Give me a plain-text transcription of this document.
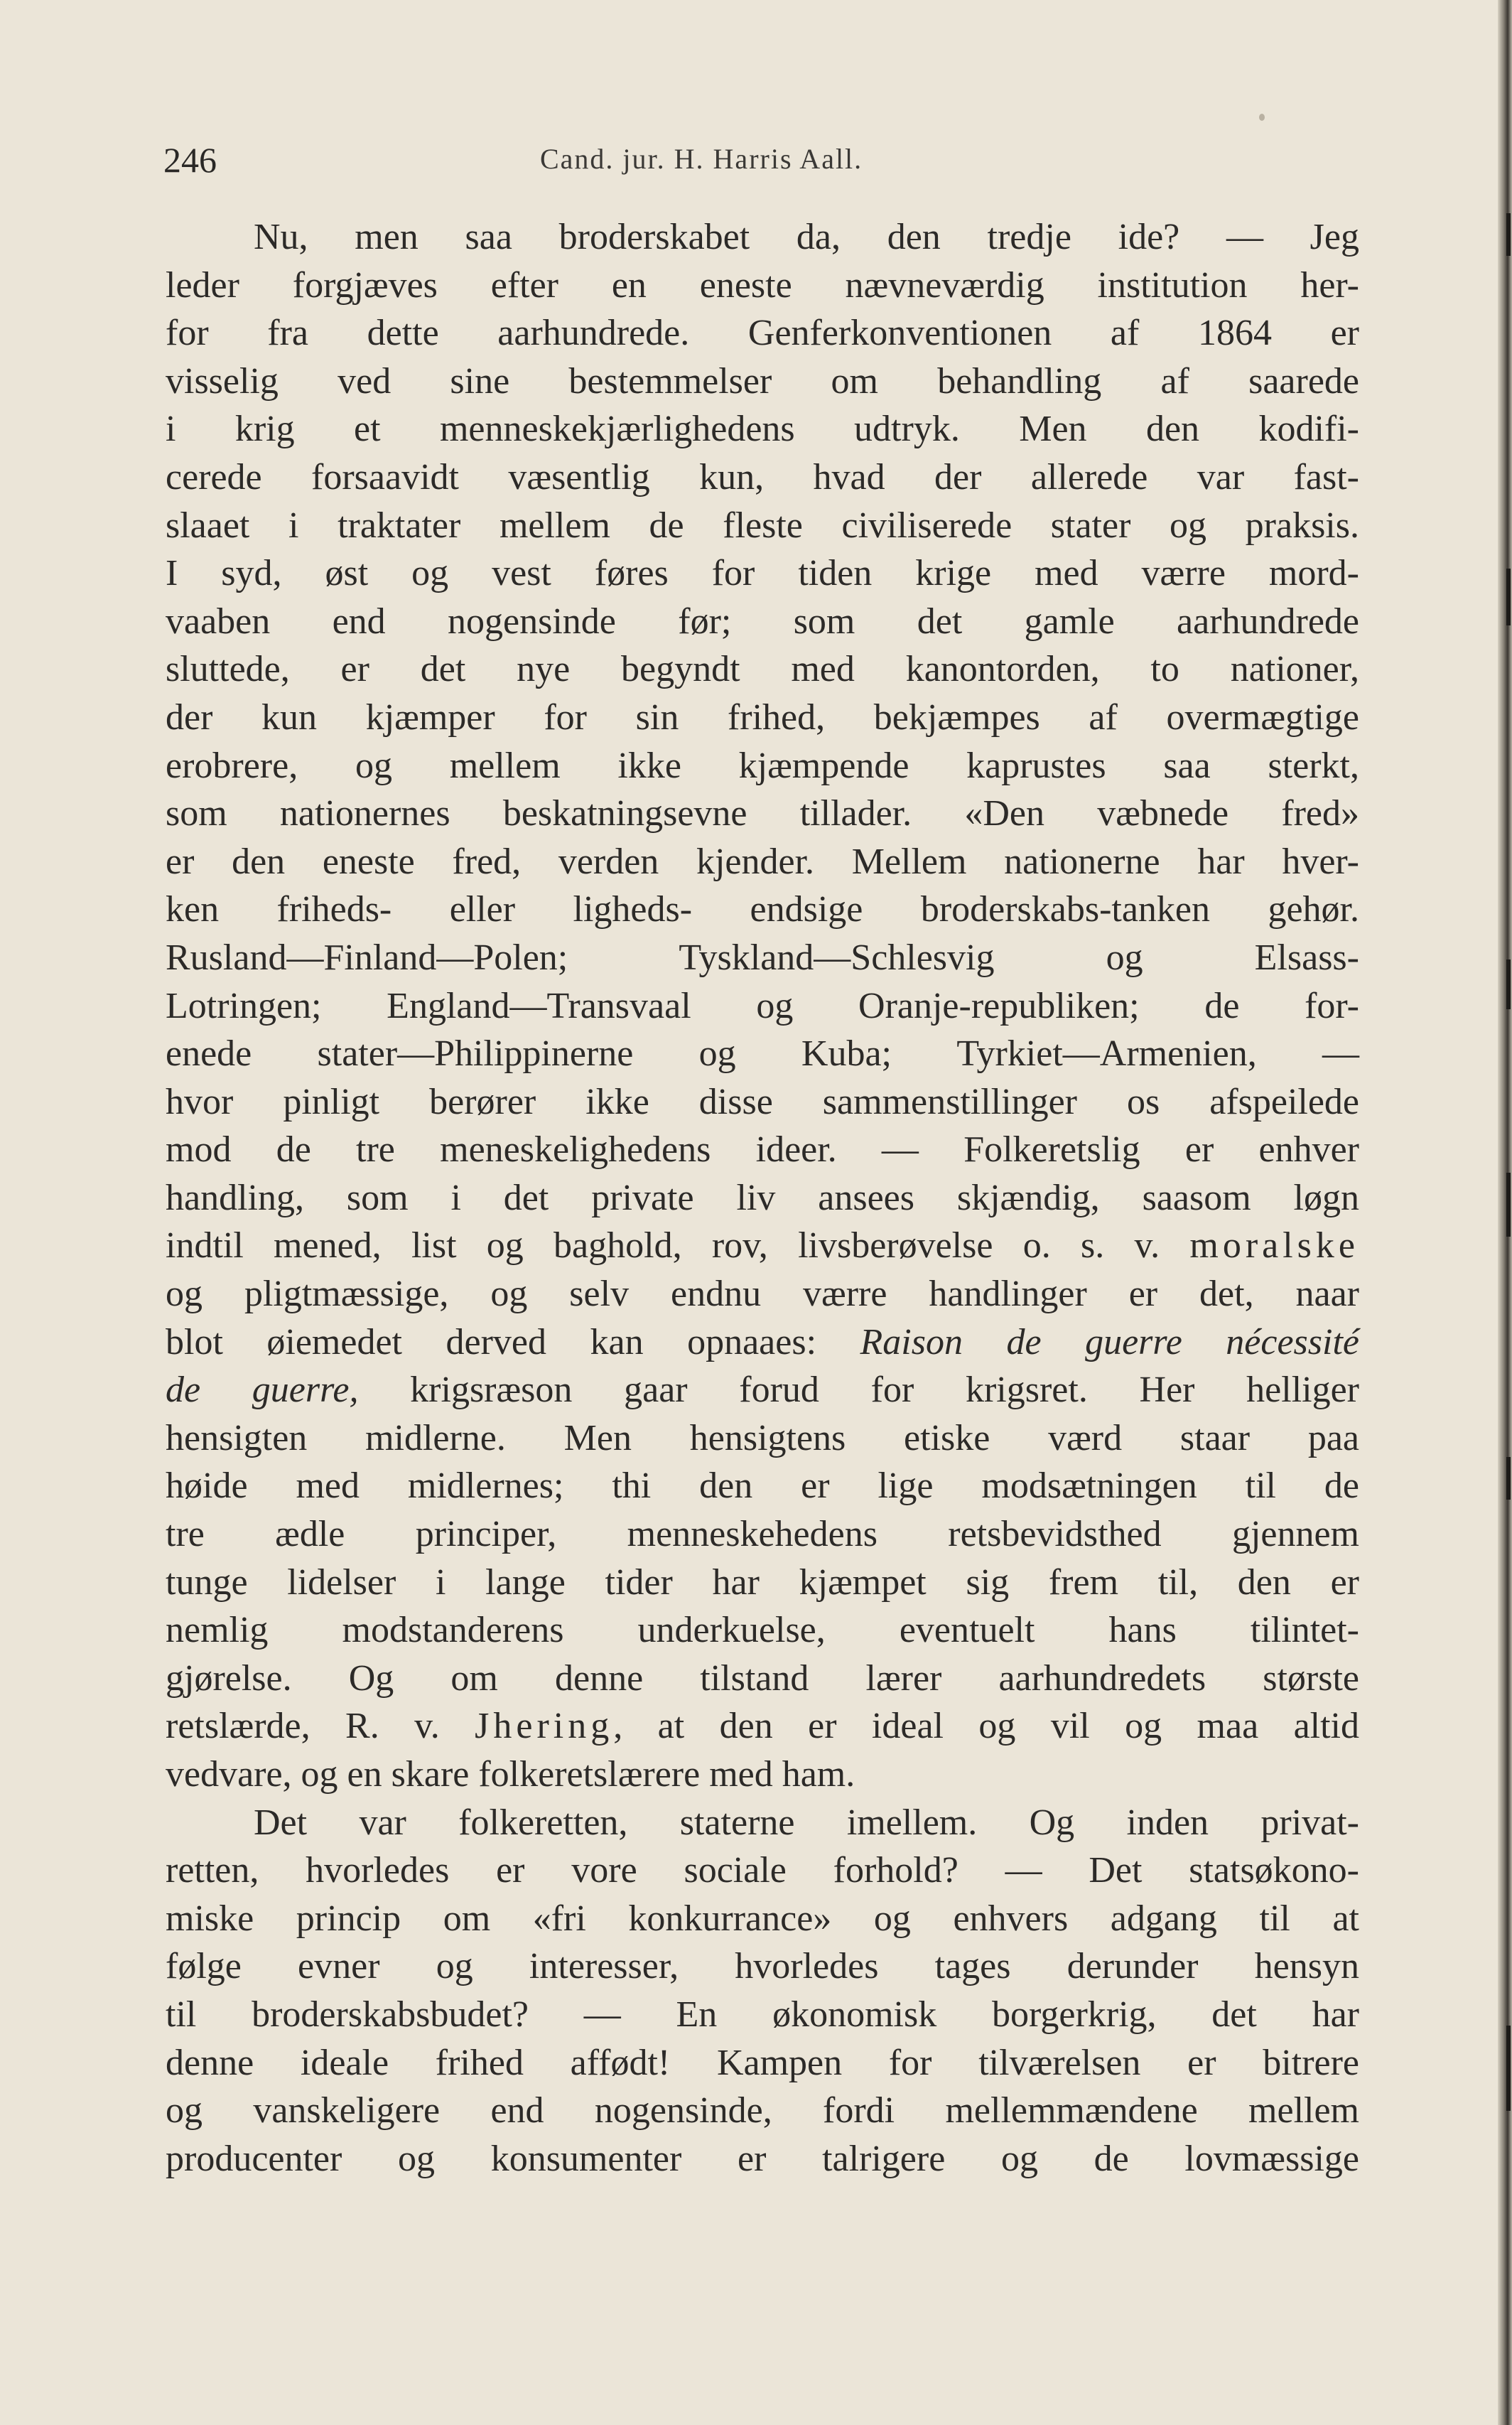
246	Cand. jur. H. Harris Aall.
Nu, men saa broderskabet da, den tredje ide? — Jeg
leder forgjæves efter en eneste nævneværdig institution her-
for fra dette aarhundrede. Genferkonventionen af 1864 er
visselig ved sine bestemmelser om behandling af saarede
i krig et menneskekjærlighedens udtryk. Men den kodifi-
cerede forsaavidt væsentlig kun, hvad der allerede var fast-
slaaet i traktater mellem de fleste civiliserede stater og praksis.
I syd, øst og vest føres for tiden krige med værre mord-
vaaben end nogensinde før; som det gamle aarhundrede
sluttede, er det nye begyndt med kanontorden, to nationer,
der kun kjæmper for sin frihed, bekjæmpes af overmægtige
erobrere, og mellem ikke kjæmpende kaprustes saa sterkt,
som nationernes beskatningsevne tillader. «Den væbnede fred»
er den eneste fred, verden kjender. Mellem nationerne har hver-
ken friheds- eller ligheds- endsige broderskabs-tanken gehør.
Rusland—Finland—Polen; Tyskland—Schlesvig og Elsass-
Lotringen; England—Transvaal og Oranje-republiken; de for-
enede stater—Philippinerne og Kuba; Tyrkiet—Armenien, —
hvor pinligt berører ikke disse sammenstillinger os afspeilede
mod de tre meneskelighedens ideer. — Folkeretslig er enhver
handling, som i det private liv ansees skjændig, saasom løgn
indtil mened, list og baghold, rov, livsberøvelse o. s. v. moralske
og pligtmæssige, og selv endnu værre handlinger er det, naar
blot øiemedet derved kan opnaaes: Raison de guerre nécessité
de guerre, krigsræson gaar forud for krigsret. Her helliger
hensigten midlerne. Men hensigtens etiske værd staar paa
høide med midlernes; thi den er lige modsætningen til de
tre ædle principer, menneskehedens retsbevidsthed gjennem
tunge lidelser i lange tider har kjæmpet sig frem til, den er
nemlig modstanderens underkuelse, eventuelt hans tilintet-
gjørelse. Og om denne tilstand lærer aarhundredets største
retslærde, R. v. Jhering, at den er ideal og vil og maa altid
vedvare, og en skare folkeretslærere med ham.
Det var folkeretten, staterne imellem. Og inden privat-
retten, hvorledes er vore sociale forhold? — Det statsøkono-
miske princip om «fri konkurrance» og enhvers adgang til at
følge evner og interesser, hvorledes tages derunder hensyn
til broderskabsbudet? — En økonomisk borgerkrig, det har
denne ideale frihed affødt! Kampen for tilværelsen er bitrere
og vanskeligere end nogensinde, fordi mellemmændene mellem
producenter og konsumenter er talrigere og de lovmæssige
